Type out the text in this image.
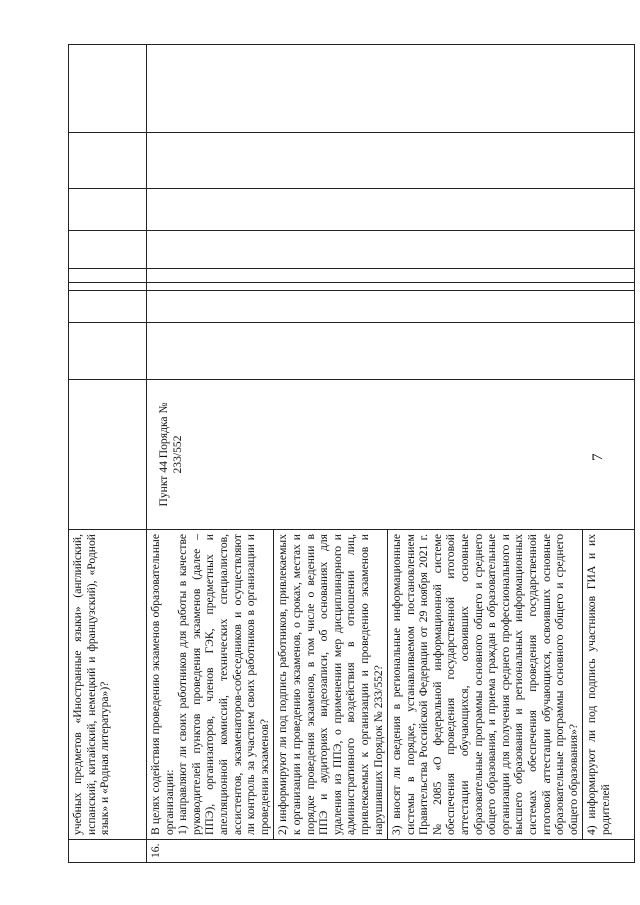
7
	учебных предметов «Иностранные языки» (английский, испанский, китайский, немецкий и французский), «Родной язык» и «Родная литература»)?									
16.	В целях содействия проведению экзаменов образовательные организации: 1) направляют ли своих работников для работы в качестве руководителей пунктов проведения экзаменов (далее – ППЭ), организаторов, членов ГЭК, предметных и апелляционной комиссий, технических специалистов, ассистентов, экзаменаторов-собеседников и осуществляют ли контроль за участием своих работников в организации и проведении экзаменов? 2) информируют ли под подпись работников, привлекаемых к организации и проведению экзаменов, о сроках, местах и порядке проведения экзаменов, в том числе о ведении в ППЭ и аудиториях видеозаписи, об основаниях для удаления из ППЭ, о применении мер дисциплинарного и административного воздействия в отношении лиц, привлекаемых к организации и проведению экзаменов и нарушивших Порядок № 233/552? 3) вносят ли сведения в региональные информационные системы в порядке, устанавливаемом постановлением Правительства Российской Федерации от 29 ноября 2021 г. № 2085 «О федеральной информационной системе обеспечения проведения государственной итоговой аттестации обучающихся, освоивших основные образовательные программы основного общего и среднего общего образования, и приема граждан в образовательные организации для получения среднего профессионального и высшего образования и региональных информационных системах обеспечения проведения государственной итоговой аттестации обучающихся, освоивших основные образовательные программы основного общего и среднего общего образования»? 4) информируют ли под подпись участников ГИА и их родителей	Пункт 44 Порядка № 233/552								
